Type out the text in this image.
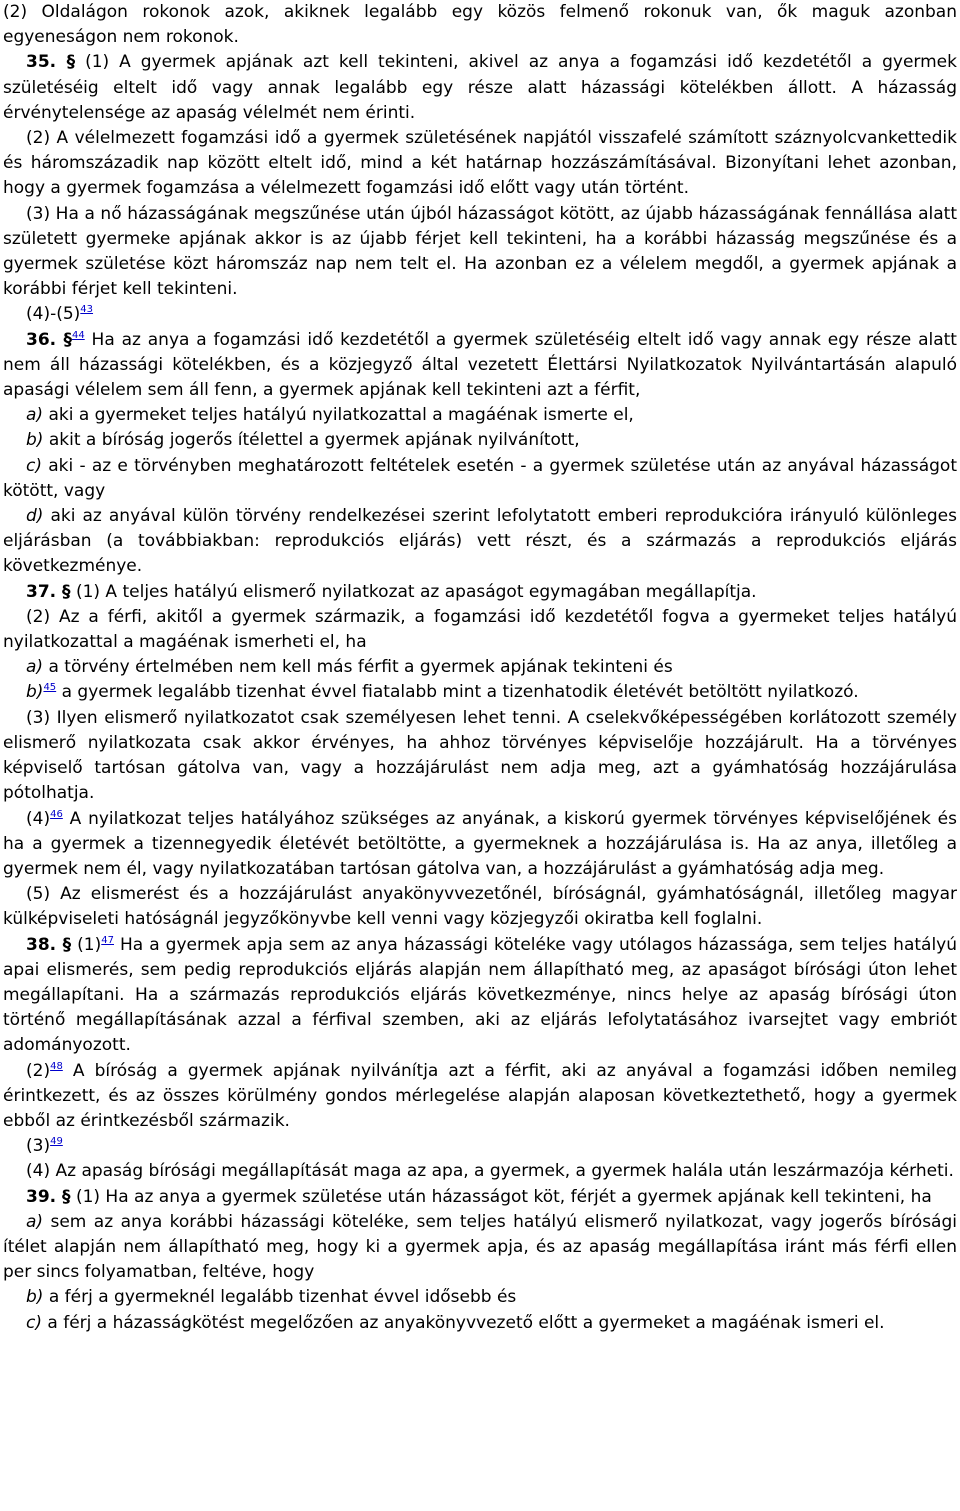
(2) Oldalágon rokonok azok, akiknek legalább egy közös felmenő rokonuk van, ők maguk azonban egyeneságon nem rokonok.

35. § (1) A gyermek apjának azt kell tekinteni, akivel az anya a fogamzási idő kezdetétől a gyermek születéséig eltelt idő vagy annak legalább egy része alatt házassági kötelékben állott. A házasság érvénytelensége az apaság vélelmét nem érinti.

(2) A vélelmezett fogamzási idő a gyermek születésének napjától visszafelé számított száznyolcvankettedik és háromszázadik nap között eltelt idő, mind a két határnap hozzászámításával. Bizonyítani lehet azonban, hogy a gyermek fogamzása a vélelmezett fogamzási idő előtt vagy után történt.

(3) Ha a nő házasságának megszűnése után újból házasságot kötött, az újabb házasságának fennállása alatt született gyermeke apjának akkor is az újabb férjet kell tekinteni, ha a korábbi házasság megszűnése és a gyermek születése közt háromszáz nap nem telt el. Ha azonban ez a vélelem megdől, a gyermek apjának a korábbi férjet kell tekinteni.

$(4)-(5)^{43}$

36. §$^{44}$ Ha az anya a fogamzási idő kezdetétől a gyermek születéséig eltelt idő vagy annak egy része alatt nem áll házassági kötelékben, és a közjegyző által vezetett Élettársi Nyilatkozatok Nyilvántartásán alapuló apasági vélelem sem áll fenn, a gyermek apjának kell tekinteni azt a férfit,

a) aki a gyermeket teljes hatályú nyilatkozattal a magáénak ismerte el,

b) akit a bíróság jogerős ítélettel a gyermek apjának nyilvánított,

c) aki - az e törvényben meghatározott feltételek esetén - a gyermek születése után az anyával házasságot kötött, vagy

d) aki az anyával külön törvény rendelkezései szerint lefolytatott emberi reprodukcióra irányuló különleges eljárásban (a továbbiakban: reprodukciós eljárás) vett részt, és a származás a reprodukciós eljárás következménye.

37. § (1) A teljes hatályú elismerő nyilatkozat az apaságot egymagában megállapítja.

(2) Az a férfi, akitől a gyermek származik, a fogamzási idő kezdetétől fogva a gyermeket teljes hatályú nyilatkozattal a magáénak ismerheti el, ha

a) a törvény értelmében nem kell más férfit a gyermek apjának tekinteni és

b)$^{45}$ a gyermek legalább tizenhat évvel fiatalabb mint a tizenhatodik életévét betöltött nyilatkozó.

(3) Ilyen elismerő nyilatkozatot csak személyesen lehet tenni. A cselekvőképességében korlátozott személy elismerő nyilatkozata csak akkor érvényes, ha ahhoz törvényes képviselője hozzájárult. Ha a törvényes képviselő tartósan gátolva van, vagy a hozzájárulást nem adja meg, azt a gyámhatóság hozzájárulása pótolhatja.

$(4)^{46}$ A nyilatkozat teljes hatályához szükséges az anyának, a kiskorú gyermek törvényes képviselőjének és ha a gyermek a tizennegyedik életévét betöltötte, a gyermeknek a hozzájárulása is. Ha az anya, illetőleg a gyermek nem él, vagy nyilatkozatában tartósan gátolva van, a hozzájárulást a gyámhatóság adja meg.

(5) Az elismerést és a hozzájárulást anyakönyvvezetőnél, bíróságnál, gyámhatóságnál, illetőleg magyar külképviseleti hatóságnál jegyzőkönyvbe kell venni vagy közjegyzői okiratba kell foglalni.

38. § $(1)^{47}$ Ha a gyermek apja sem az anya házassági köteléke vagy utólagos házassága, sem teljes hatályú apai elismerés, sem pedig reprodukciós eljárás alapján nem állapítható meg, az apaságot bírósági úton lehet megállapítani. Ha a származás reprodukciós eljárás következménye, nincs helye az apaság bírósági úton történő megállapításának azzal a férfival szemben, aki az eljárás lefolytatásához ivarsejtet vagy embriót adományozott.

$(2)^{48}$ A bíróság a gyermek apjának nyilvánítja azt a férfit, aki az anyával a fogamzási időben nemileg érintkezett, és az összes körülmény gondos mérlegelése alapján alaposan következtethető, hogy a gyermek ebből az érintkezésből származik.

$(3)^{49}$

(4) Az apaság bírósági megállapítását maga az apa, a gyermek, a gyermek halála után leszármazója kérheti.

39. § (1) Ha az anya a gyermek születése után házasságot köt, férjét a gyermek apjának kell tekinteni, ha

a) sem az anya korábbi házassági köteléke, sem teljes hatályú elismerő nyilatkozat, vagy jogerős bírósági ítélet alapján nem állapítható meg, hogy ki a gyermek apja, és az apaság megállapítása iránt más férfi ellen per sincs folyamatban, feltéve, hogy

b) a férj a gyermeknél legalább tizenhat évvel idősebb és

c) a férj a házasságkötést megelőzően az anyakönyvvezető előtt a gyermeket a magáénak ismeri el.
